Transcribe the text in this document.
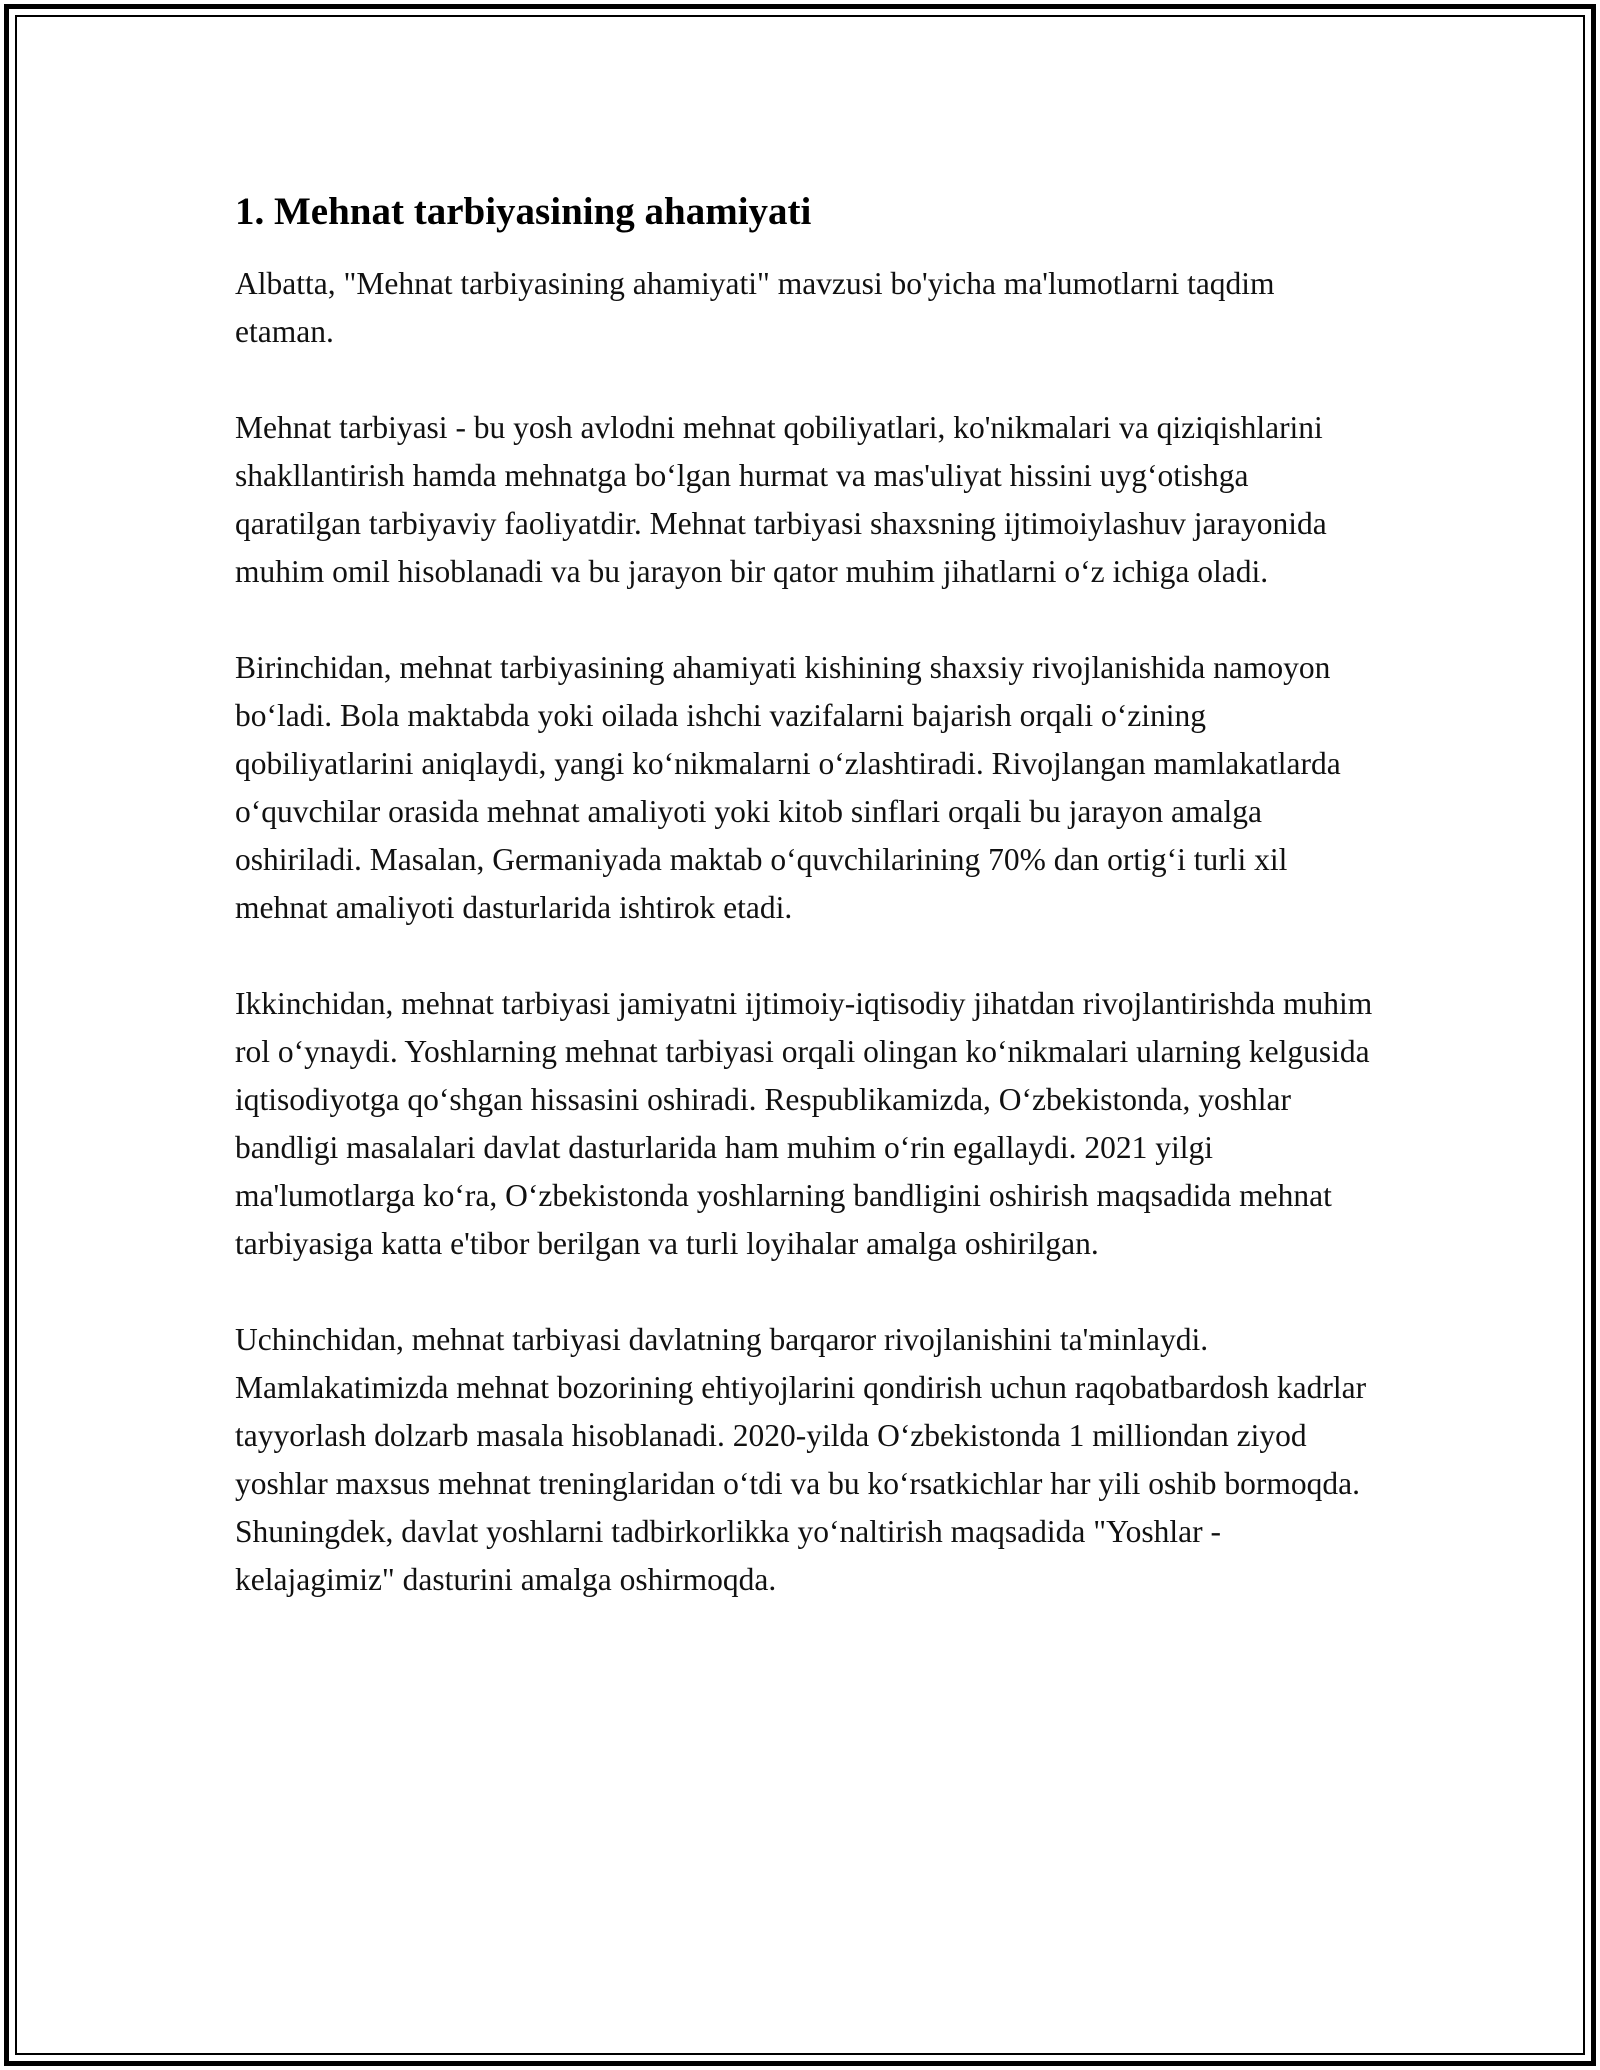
1. Mehnat tarbiyasining ahamiyati

Albatta, "Mehnat tarbiyasining ahamiyati" mavzusi bo'yicha ma'lumotlarni taqdim etaman.

Mehnat tarbiyasi - bu yosh avlodni mehnat qobiliyatlari, ko'nikmalari va qiziqishlarini shakllantirish hamda mehnatga bo‘lgan hurmat va mas'uliyat hissini uyg‘otishga qaratilgan tarbiyaviy faoliyatdir. Mehnat tarbiyasi shaxsning ijtimoiylashuv jarayonida muhim omil hisoblanadi va bu jarayon bir qator muhim jihatlarni o‘z ichiga oladi.

Birinchidan, mehnat tarbiyasining ahamiyati kishining shaxsiy rivojlanishida namoyon bo‘ladi. Bola maktabda yoki oilada ishchi vazifalarni bajarish orqali o‘zining qobiliyatlarini aniqlaydi, yangi ko‘nikmalarni o‘zlashtiradi. Rivojlangan mamlakatlarda o‘quvchilar orasida mehnat amaliyoti yoki kitob sinflari orqali bu jarayon amalga oshiriladi. Masalan, Germaniyada maktab o‘quvchilarining 70% dan ortig‘i turli xil mehnat amaliyoti dasturlarida ishtirok etadi.

Ikkinchidan, mehnat tarbiyasi jamiyatni ijtimoiy-iqtisodiy jihatdan rivojlantirishda muhim rol o‘ynaydi. Yoshlarning mehnat tarbiyasi orqali olingan ko‘nikmalari ularning kelgusida iqtisodiyotga qo‘shgan hissasini oshiradi. Respublikamizda, O‘zbekistonda, yoshlar bandligi masalalari davlat dasturlarida ham muhim o‘rin egallaydi. 2021 yilgi ma'lumotlarga ko‘ra, O‘zbekistonda yoshlarning bandligini oshirish maqsadida mehnat tarbiyasiga katta e'tibor berilgan va turli loyihalar amalga oshirilgan.

Uchinchidan, mehnat tarbiyasi davlatning barqaror rivojlanishini ta'minlaydi. Mamlakatimizda mehnat bozorining ehtiyojlarini qondirish uchun raqobatbardosh kadrlar tayyorlash dolzarb masala hisoblanadi. 2020-yilda O‘zbekistonda 1 milliondan ziyod yoshlar maxsus mehnat treninglaridan o‘tdi va bu ko‘rsatkichlar har yili oshib bormoqda. Shuningdek, davlat yoshlarni tadbirkorlikka yo‘naltirish maqsadida "Yoshlar - kelajagimiz" dasturini amalga oshirmoqda.
